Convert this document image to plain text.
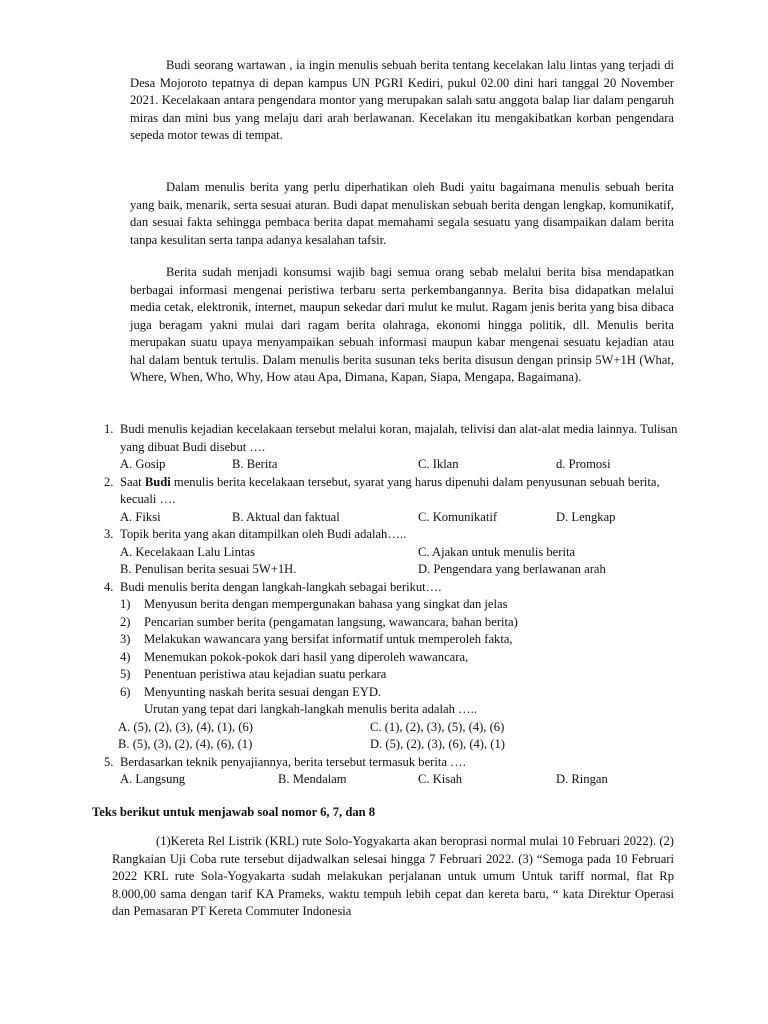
Budi seorang wartawan , ia ingin menulis sebuah berita tentang kecelakan lalu lintas yang terjadi di Desa Mojoroto tepatnya di depan kampus UN PGRI Kediri, pukul 02.00 dini hari tanggal 20 November 2021. Kecelakaan antara pengendara montor yang merupakan salah satu anggota balap liar dalam pengaruh miras dan mini bus yang melaju dari arah berlawanan. Kecelakan itu mengakibatkan korban pengendara sepeda motor tewas di tempat.

Dalam menulis berita yang perlu diperhatikan oleh Budi yaitu bagaimana menulis sebuah berita yang baik, menarik, serta sesuai aturan. Budi dapat menuliskan sebuah berita dengan lengkap, komunikatif, dan sesuai fakta sehingga pembaca berita dapat memahami segala sesuatu yang disampaikan dalam berita tanpa kesulitan serta tanpa adanya kesalahan tafsir.

Berita sudah menjadi konsumsi wajib bagi semua orang sebab melalui berita bisa mendapatkan berbagai informasi mengenai peristiwa terbaru serta perkembangannya. Berita bisa didapatkan melalui media cetak, elektronik, internet, maupun sekedar dari mulut ke mulut. Ragam jenis berita yang bisa dibaca juga beragam yakni mulai dari ragam berita olahraga, ekonomi hingga politik, dll. Menulis berita merupakan suatu upaya menyampaikan sebuah informasi maupun kabar mengenai sesuatu kejadian atau hal dalam bentuk tertulis. Dalam menulis berita susunan teks berita disusun dengan prinsip 5W+1H (What, Where, When, Who, Why, How atau Apa, Dimana, Kapan, Siapa, Mengapa, Bagaimana).

1. Budi menulis kejadian kecelakaan tersebut melalui koran, majalah, telivisi dan alat-alat media lainnya. Tulisan yang dibuat Budi disebut ….
A. Gosip	B. Berita	C. Iklan	d. Promosi
2. Saat Budi menulis berita kecelakaan tersebut, syarat yang harus dipenuhi dalam penyusunan sebuah berita, kecuali ….
A. Fiksi	B. Aktual dan faktual	C. Komunikatif	D. Lengkap
3. Topik berita yang akan ditampilkan oleh Budi adalah…..
A. Kecelakaan Lalu Lintas	C. Ajakan untuk menulis berita
B. Penulisan berita sesuai 5W+1H.	D. Pengendara yang berlawanan arah
4. Budi menulis berita dengan langkah-langkah sebagai berikut….
1) Menyusun berita dengan mempergunakan bahasa yang singkat dan jelas
2) Pencarian sumber berita (pengamatan langsung, wawancara, bahan berita)
3) Melakukan wawancara yang bersifat informatif untuk memperoleh fakta,
4) Menemukan pokok-pokok dari hasil yang diperoleh wawancara,
5) Penentuan peristiwa atau kejadian suatu perkara
6) Menyunting naskah berita sesuai dengan EYD.
Urutan yang tepat dari langkah-langkah menulis berita adalah …..
A. (5), (2), (3), (4), (1), (6)	C. (1), (2), (3), (5), (4), (6)
B. (5), (3), (2), (4), (6), (1)	D. (5), (2), (3), (6), (4), (1)
5. Berdasarkan teknik penyajiannya, berita tersebut termasuk berita ….
A. Langsung	B. Mendalam	C. Kisah	D. Ringan
Teks berikut untuk menjawab soal nomor 6, 7, dan 8

(1)Kereta Rel Listrik (KRL) rute Solo-Yogyakarta akan beroprasi normal mulai 10 Februari 2022). (2) Rangkaian Uji Coba rute tersebut dijadwalkan selesai hingga 7 Februari 2022. (3) “Semoga pada 10 Februari 2022 KRL rute Sola-Yogyakarta sudah melakukan perjalanan untuk umum Untuk tariff normal, flat Rp 8.000,00 sama dengan tarif KA Prameks, waktu tempuh lebih cepat dan kereta baru, “ kata Direktur Operasi dan Pemasaran PT Kereta Commuter Indonesia
